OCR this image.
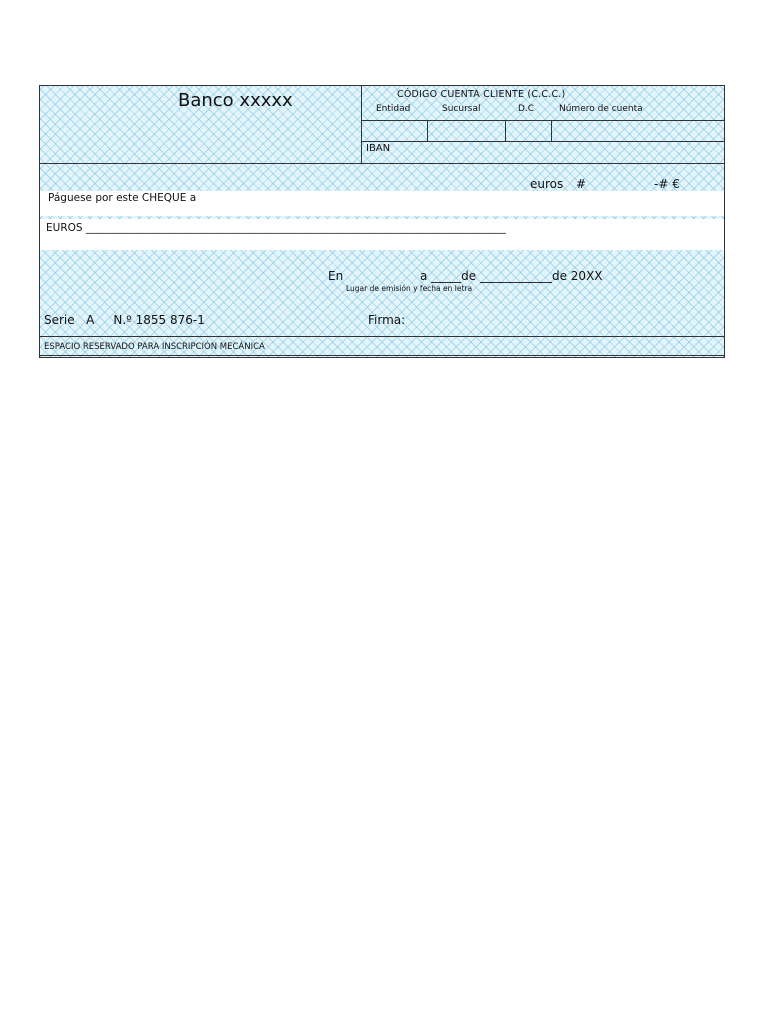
Banco xxxxx	CÓDIGO CUENTA CLIENTE (C.C.C.)
Entidad	Sucursal	D.C	Número de cuenta
IBAN
euros #	-# €
Páguese por este CHEQUE a
EUROS ________________________________________________________________________________
En	a _____de ____________de 20XX
Lugar de emisión y fecha en letra
Serie   A     N.º 1855 876-1	Firma:
ESPACIO RESERVADO PARA INSCRIPCIÓN MECÁNICA
